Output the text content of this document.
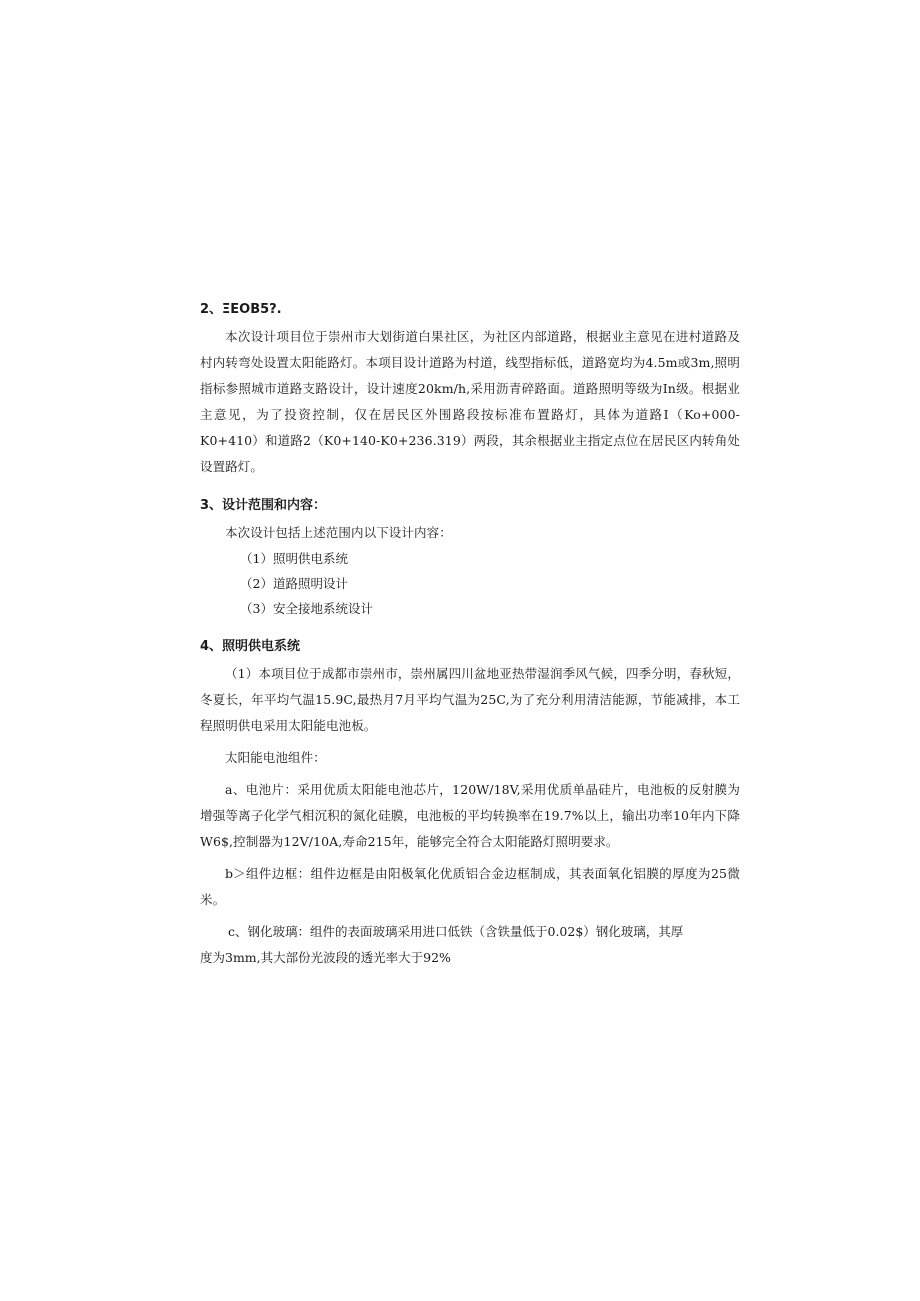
2、ΞEOB5?.

本次设计项目位于崇州市大划街道白果社区，为社区内部道路，根据业主意见在进村道路及村内转弯处设置太阳能路灯。本项目设计道路为村道，线型指标低，道路宽均为4.5m或3m,照明指标参照城市道路支路设计，设计速度20km/h,采用沥青碎路面。道路照明等级为In级。根据业主意见，为了投资控制，仅在居民区外围路段按标准布置路灯，具体为道路I（Ko+000-K0+410）和道路2（K0+140-K0+236.319）两段，其余根据业主指定点位在居民区内转角处设置路灯。

3、设计范围和内容：

本次设计包括上述范围内以下设计内容：

（1）照明供电系统

（2）道路照明设计

（3）安全接地系统设计

4、照明供电系统

（1）本项目位于成都市崇州市，崇州属四川盆地亚热带湿润季风气候，四季分明，春秋短，冬夏长，年平均气温15.9C,最热月7月平均气温为25C,为了充分利用清洁能源，节能减排，本工程照明供电采用太阳能电池板。

太阳能电池组件：

a、电池片：采用优质太阳能电池芯片，120W/18V,采用优质单晶硅片，电池板的反射膜为增强等离子化学气相沉积的氮化硅膜，电池板的平均转换率在19.7%以上，输出功率10年内下降W6$,控制器为12V/10A,寿命215年，能够完全符合太阳能路灯照明要求。

b＞组件边框：组件边框是由阳极氧化优质铝合金边框制成，其表面氧化铝膜的厚度为25微米。

c、钢化玻璃：组件的表面玻璃采用进口低铁（含铁量低于0.02$）钢化玻璃，其厚

度为3mm,其大部份光波段的透光率大于92%
